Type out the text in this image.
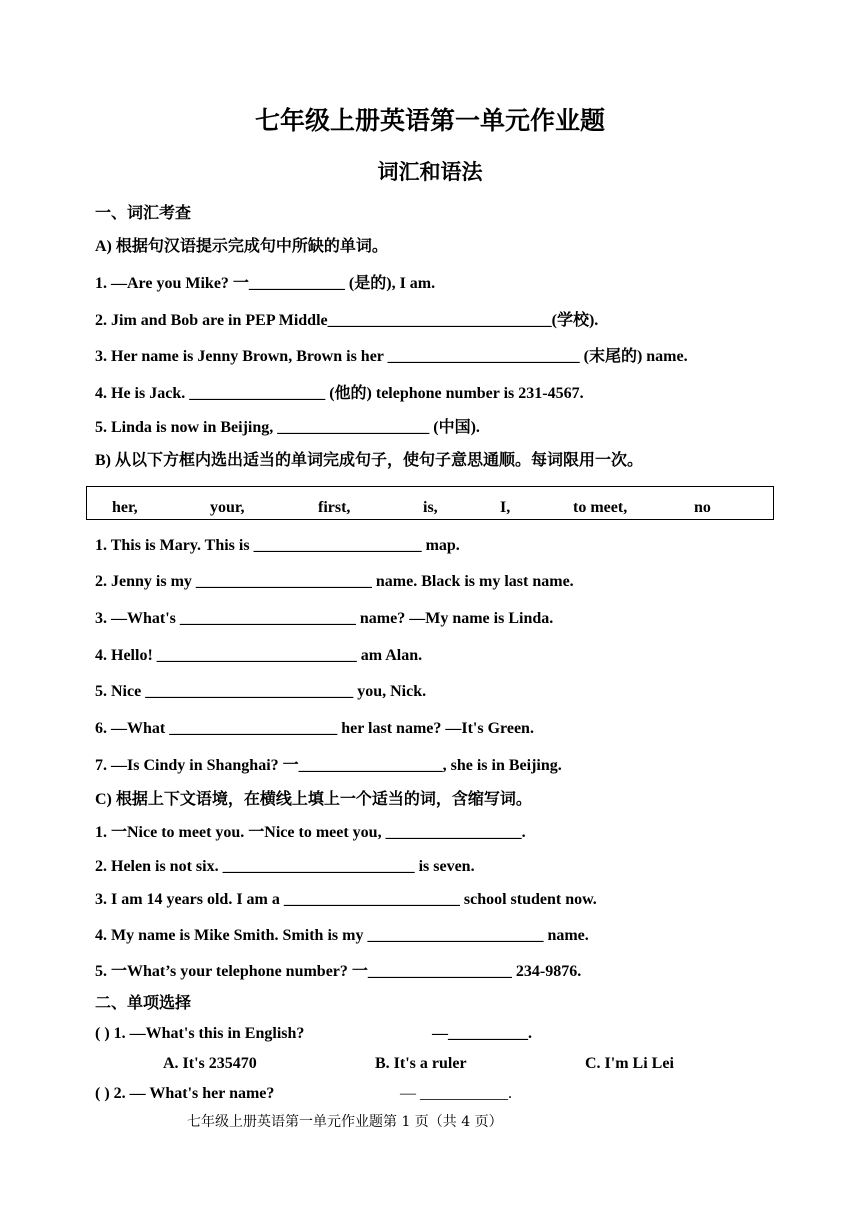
七年级上册英语第一单元作业题
词汇和语法
一、词汇考查
A) 根据句汉语提示完成句中所缺的单词。
1. —Are you Mike? 一____________ (是的), I am.
2. Jim and Bob are in PEP Middle____________________________(学校).
3. Her name is Jenny Brown, Brown is her ________________________ (末尾的) name.
4. He is Jack. _________________ (他的) telephone number is 231-4567.
5. Linda is now in Beijing, ___________________ (中国).
B) 从以下方框内选出适当的单词完成句子，使句子意思通顺。每词限用一次。
her,	your,	first,	is,	I,	to meet,	no
1. This is Mary. This is _____________________ map.
2. Jenny is my ______________________ name. Black is my last name.
3. —What's ______________________ name? —My name is Linda.
4. Hello! _________________________ am Alan.
5. Nice __________________________ you, Nick.
6. —What _____________________ her last name? —It's Green.
7. —Is Cindy in Shanghai? 一__________________, she is in Beijing.
C) 根据上下文语境，在横线上填上一个适当的词，含缩写词。
1. 一Nice to meet you. 一Nice to meet you, _________________.
2. Helen is not six. ________________________ is seven.
3. I am 14 years old. I am a ______________________ school student now.
4. My name is Mike Smith. Smith is my ______________________ name.
5. 一What’s your telephone number? 一__________________ 234-9876.
二、单项选择
( ) 1. —What's this in English?	—__________.
A. It's 235470	B. It's a ruler	C. I'm Li Lei
( ) 2. — What's her name?	— ___________.
七年级上册英语第一单元作业题第 1 页（共 4 页）
